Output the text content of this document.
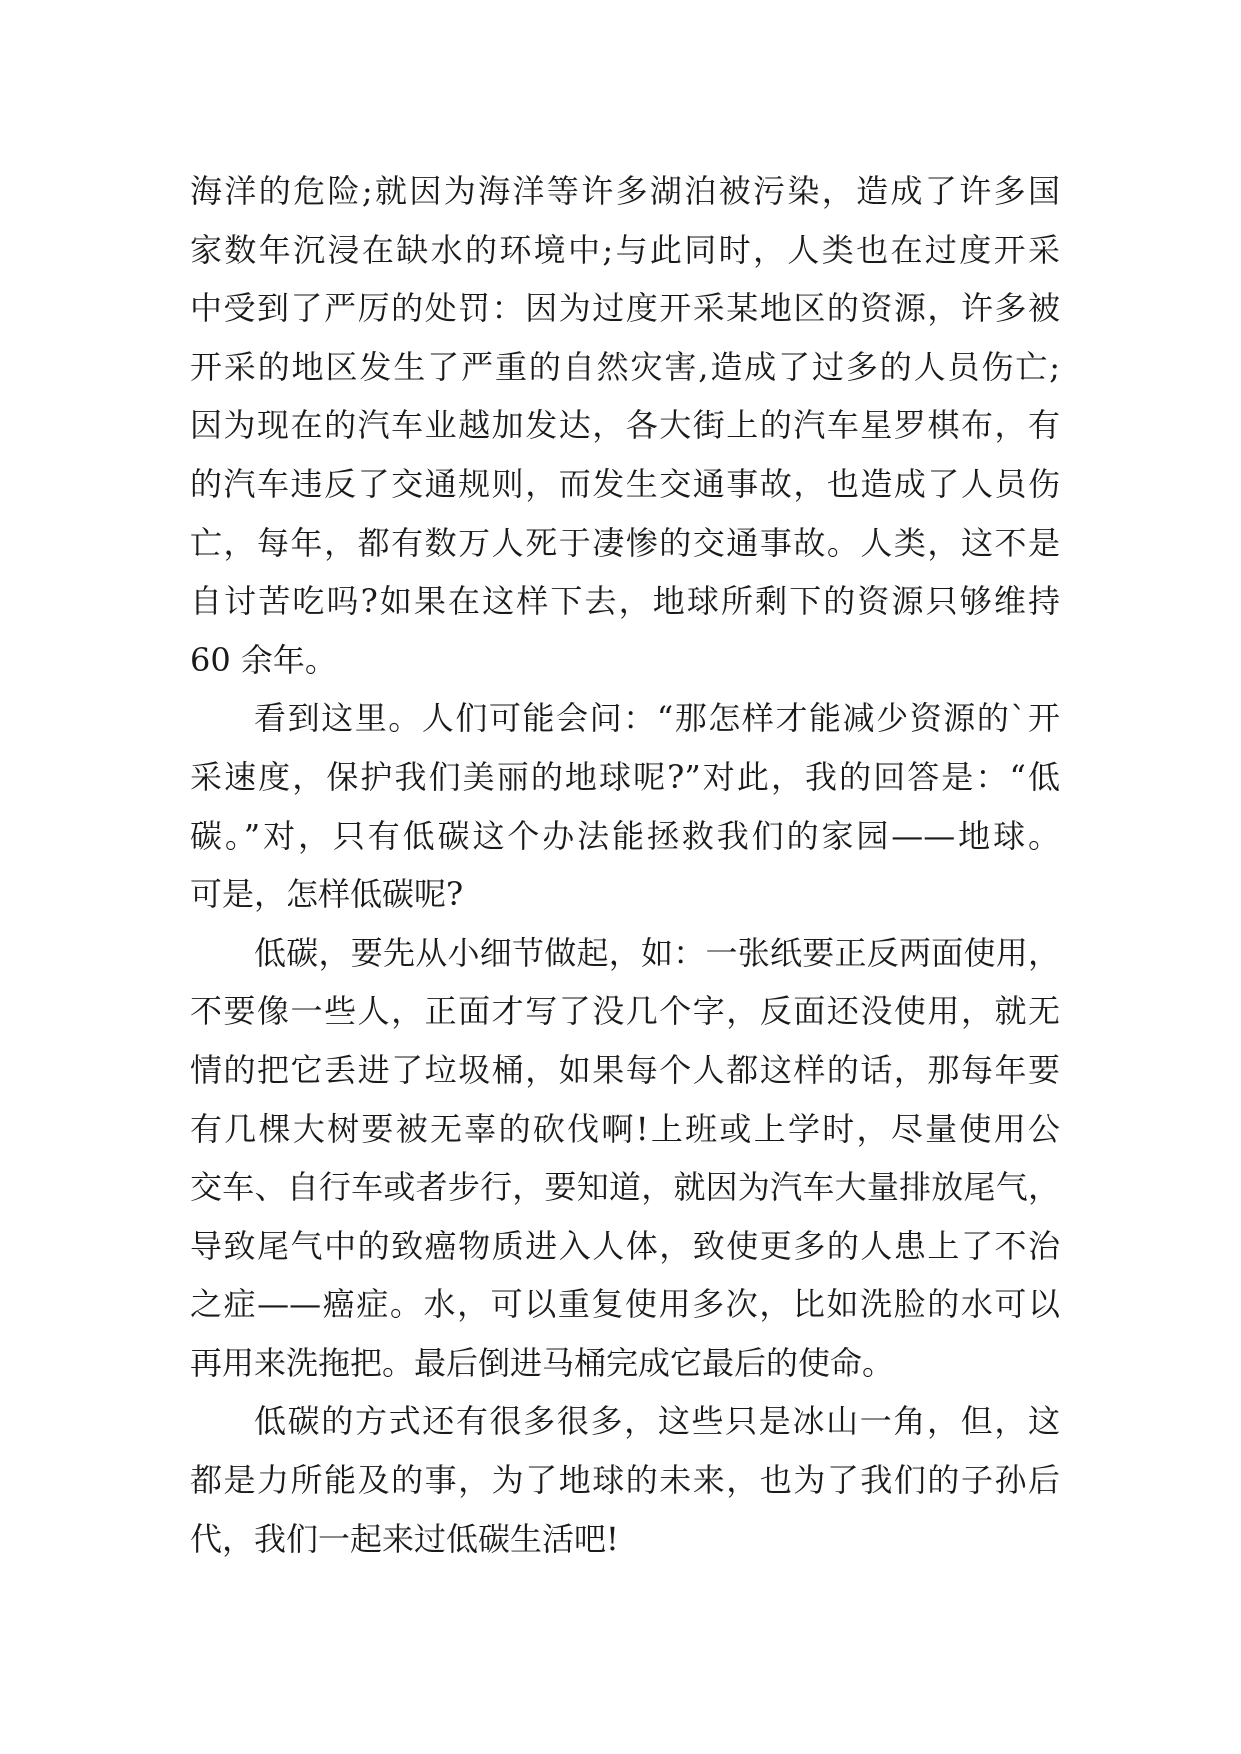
海洋的危险;就因为海洋等许多湖泊被污染，造成了许多国
家数年沉浸在缺水的环境中;与此同时，人类也在过度开采
中受到了严厉的处罚：因为过度开采某地区的资源，许多被
开采的地区发生了严重的自然灾害,造成了过多的人员伤亡;
因为现在的汽车业越加发达，各大街上的汽车星罗棋布，有
的汽车违反了交通规则，而发生交通事故，也造成了人员伤
亡，每年，都有数万人死于凄惨的交通事故。人类，这不是
自讨苦吃吗?如果在这样下去，地球所剩下的资源只够维持
60 余年。
看到这里。人们可能会问：“那怎样才能减少资源的`开
采速度，保护我们美丽的地球呢?”对此，我的回答是：“低
碳。”对，只有低碳这个办法能拯救我们的家园——地球。
可是，怎样低碳呢?
低碳，要先从小细节做起，如：一张纸要正反两面使用，
不要像一些人，正面才写了没几个字，反面还没使用，就无
情的把它丢进了垃圾桶，如果每个人都这样的话，那每年要
有几棵大树要被无辜的砍伐啊!上班或上学时，尽量使用公
交车、自行车或者步行，要知道，就因为汽车大量排放尾气，
导致尾气中的致癌物质进入人体，致使更多的人患上了不治
之症——癌症。水，可以重复使用多次，比如洗脸的水可以
再用来洗拖把。最后倒进马桶完成它最后的使命。
低碳的方式还有很多很多，这些只是冰山一角，但，这
都是力所能及的事，为了地球的未来，也为了我们的子孙后
代，我们一起来过低碳生活吧!
